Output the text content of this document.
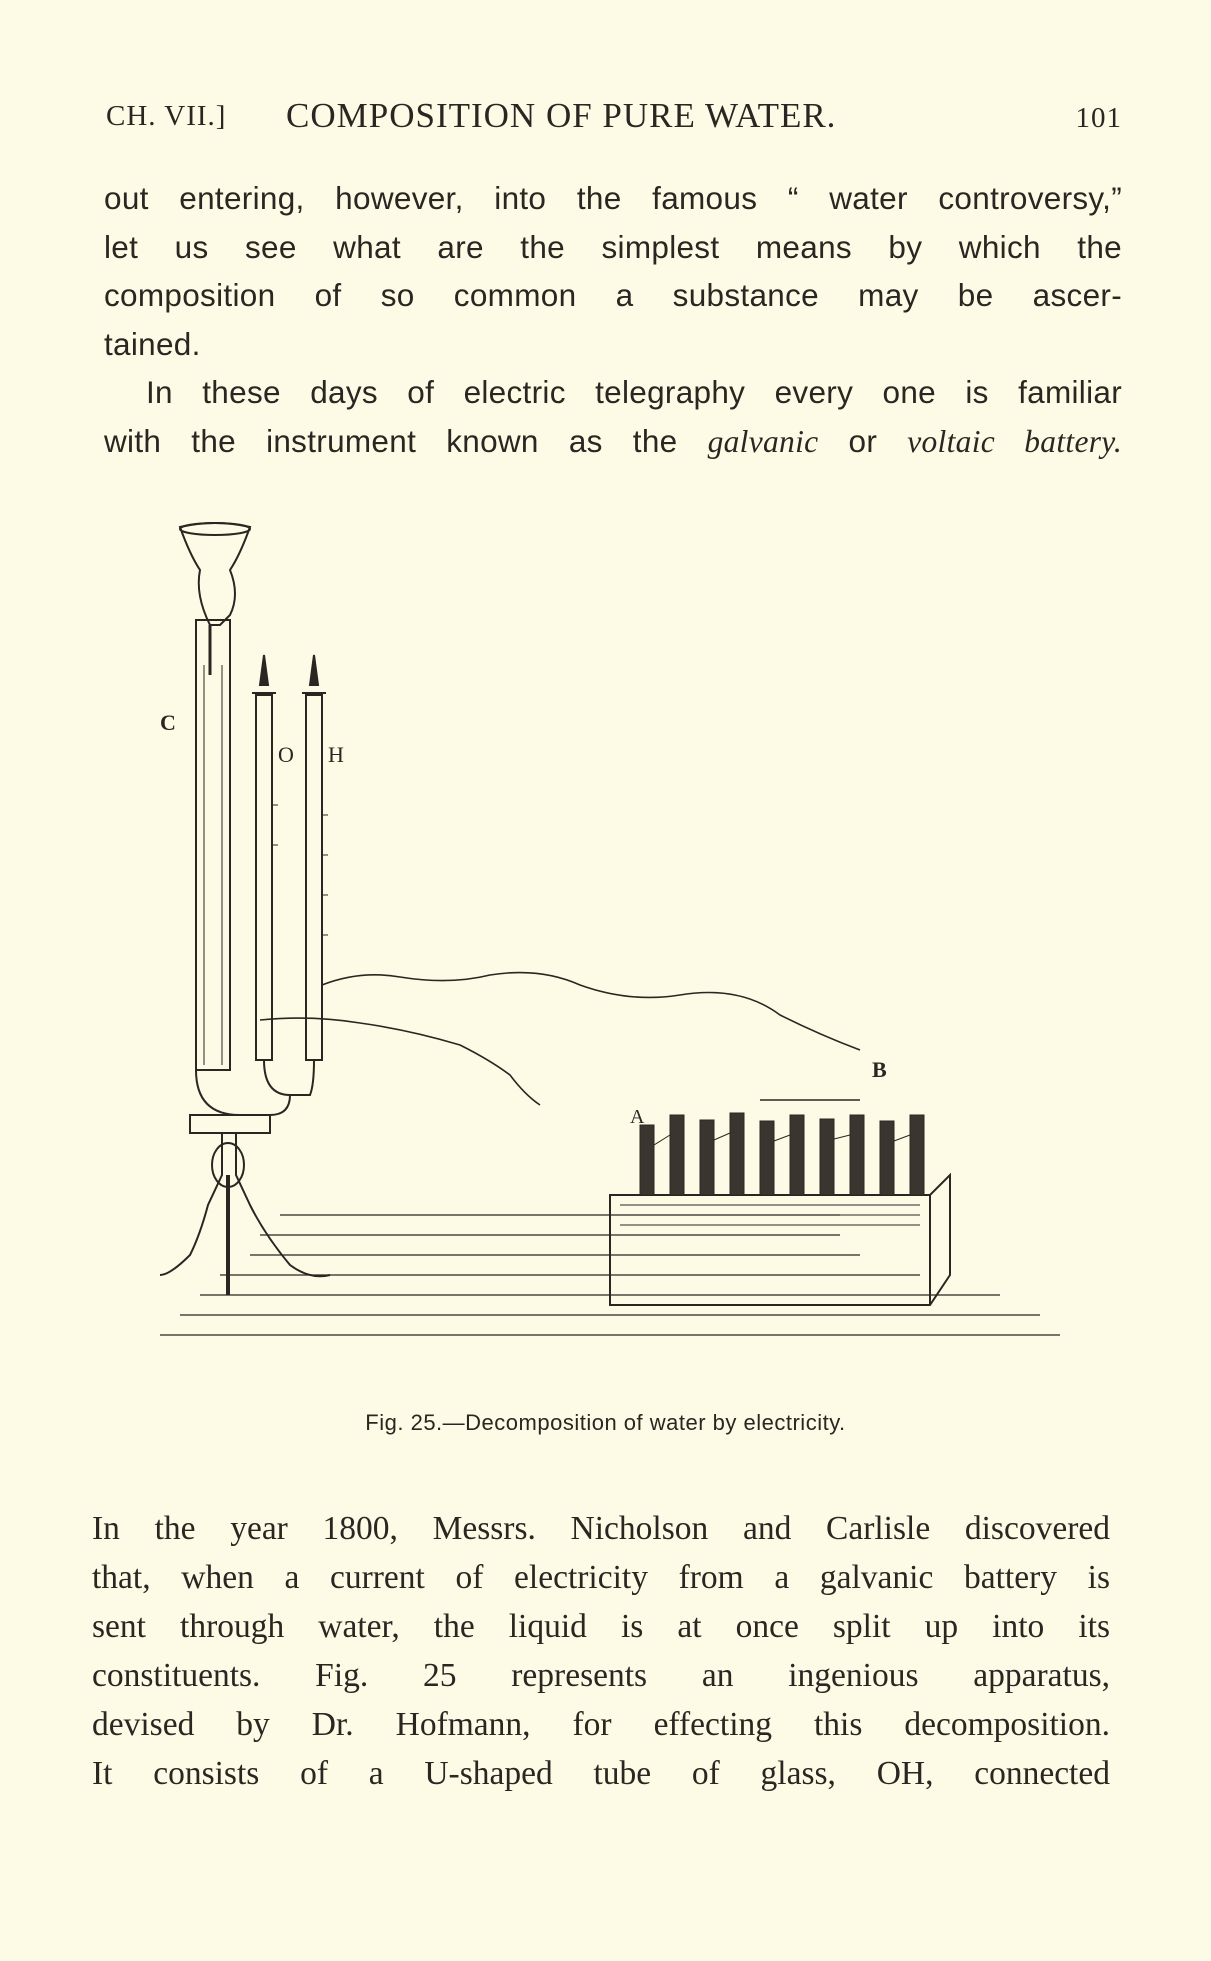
CH. VII.] COMPOSITION OF PURE WATER.	101
out entering, however, into the famous “ water controversy,”
let us see what are the simplest means by which the
composition of so common a substance may be ascer-
tained.
In these days of electric telegraphy every one is familiar
with the instrument known as the galvanic or voltaic battery.
C
O H
A
B
Fig. 25.—Decomposition of water by electricity.
In the year 1800, Messrs. Nicholson and Carlisle discovered
that, when a current of electricity from a galvanic battery is
sent through water, the liquid is at once split up into its
constituents. Fig. 25 represents an ingenious apparatus,
devised by Dr. Hofmann, for effecting this decomposition.
It consists of a U-shaped tube of glass, OH, connected
